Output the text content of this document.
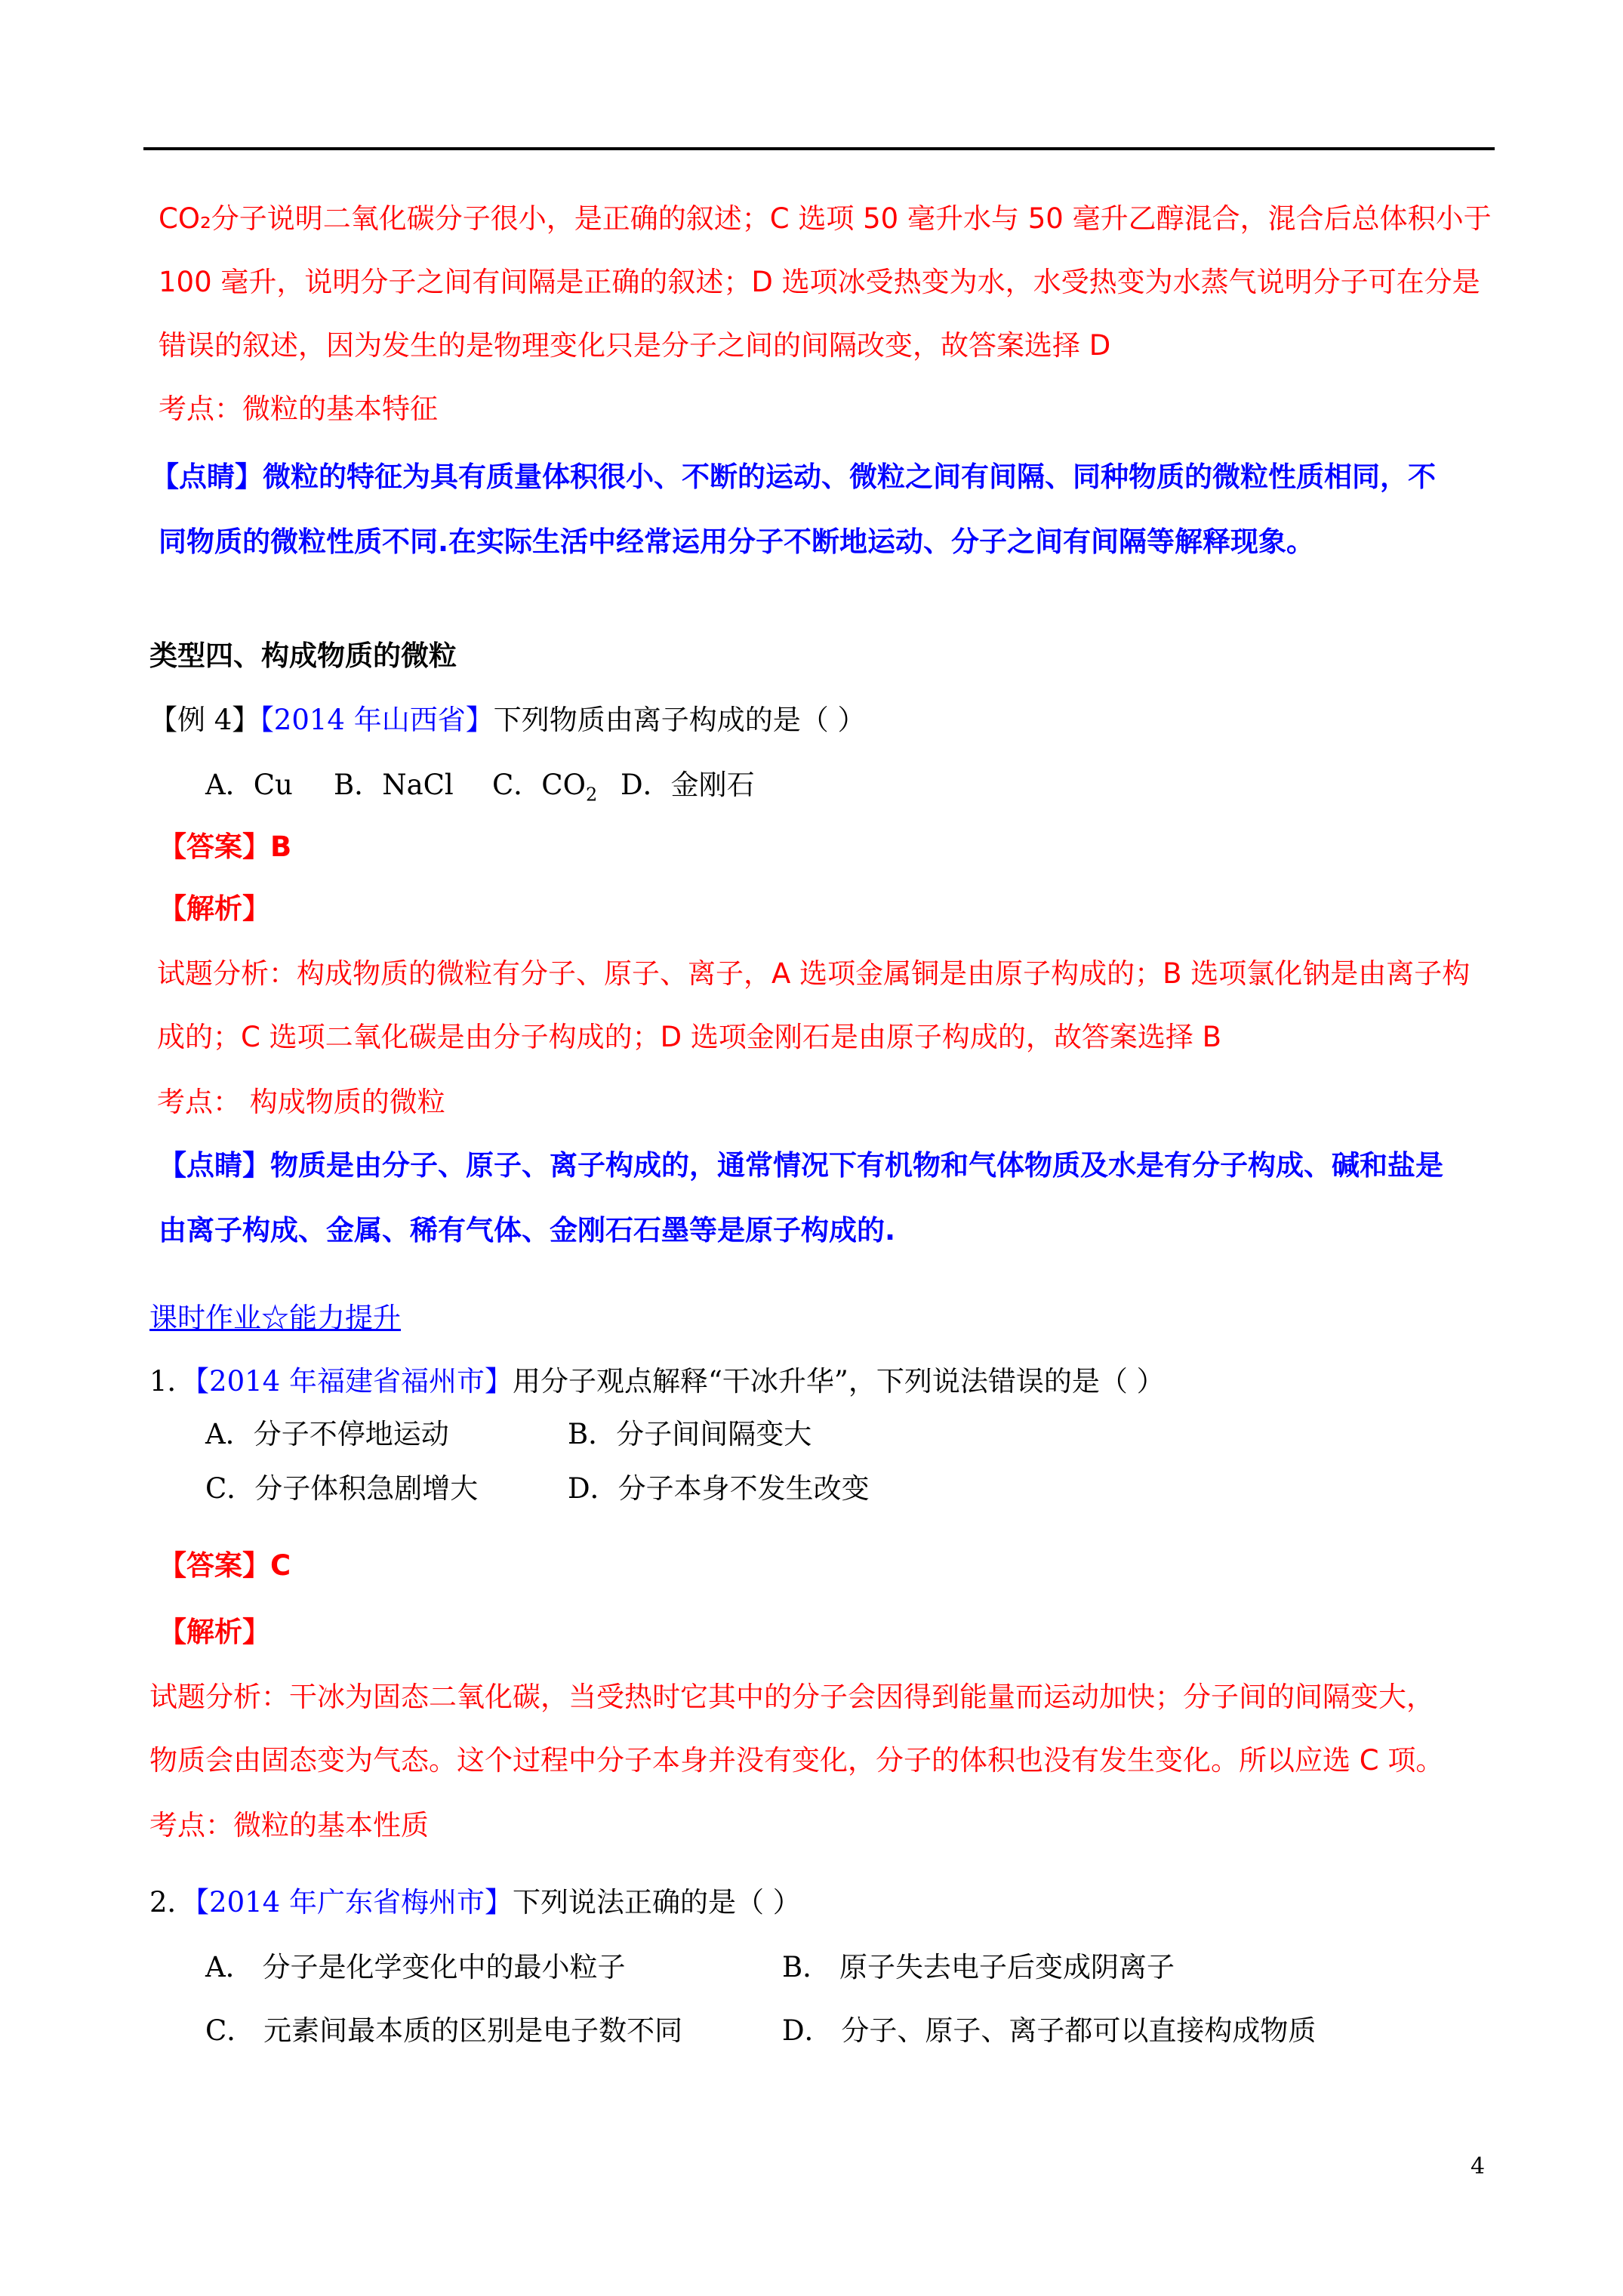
CO₂分子说明二氧化碳分子很小，是正确的叙述；C 选项 50 毫升水与 50 毫升乙醇混合，混合后总体积小于
100 毫升，说明分子之间有间隔是正确的叙述；D 选项冰受热变为水，水受热变为水蒸气说明分子可在分是
错误的叙述，因为发生的是物理变化只是分子之间的间隔改变，故答案选择 D
考点：微粒的基本特征
【点睛】微粒的特征为具有质量体积很小、不断的运动、微粒之间有间隔、同种物质的微粒性质相同，不
同物质的微粒性质不同.在实际生活中经常运用分子不断地运动、分子之间有间隔等解释现象。
类型四、构成物质的微粒
【例 4】【2014 年山西省】下列物质由离子构成的是（ ）
A．Cu B．NaCl C．$CO_2$ D．金刚石
【答案】B
【解析】
试题分析：构成物质的微粒有分子、原子、离子，A 选项金属铜是由原子构成的；B 选项氯化钠是由离子构
成的；C 选项二氧化碳是由分子构成的；D 选项金刚石是由原子构成的，故答案选择 B
考点： 构成物质的微粒
【点睛】物质是由分子、原子、离子构成的，通常情况下有机物和气体物质及水是有分子构成、碱和盐是
由离子构成、金属、稀有气体、金刚石石墨等是原子构成的.
课时作业☆能力提升
1．【2014 年福建省福州市】用分子观点解释“干冰升华”，下列说法错误的是（ ）
A．分子不停地运动	B．分子间间隔变大
C．分子体积急剧增大	D．分子本身不发生改变
【答案】C
【解析】
试题分析：干冰为固态二氧化碳，当受热时它其中的分子会因得到能量而运动加快；分子间的间隔变大，
物质会由固态变为气态。这个过程中分子本身并没有变化，分子的体积也没有发生变化。所以应选 C 项。
考点：微粒的基本性质
2．【2014 年广东省梅州市】下列说法正确的是（ ）
A． 分子是化学变化中的最小粒子	B． 原子失去电子后变成阴离子
C． 元素间最本质的区别是电子数不同	D． 分子、原子、离子都可以直接构成物质
4
